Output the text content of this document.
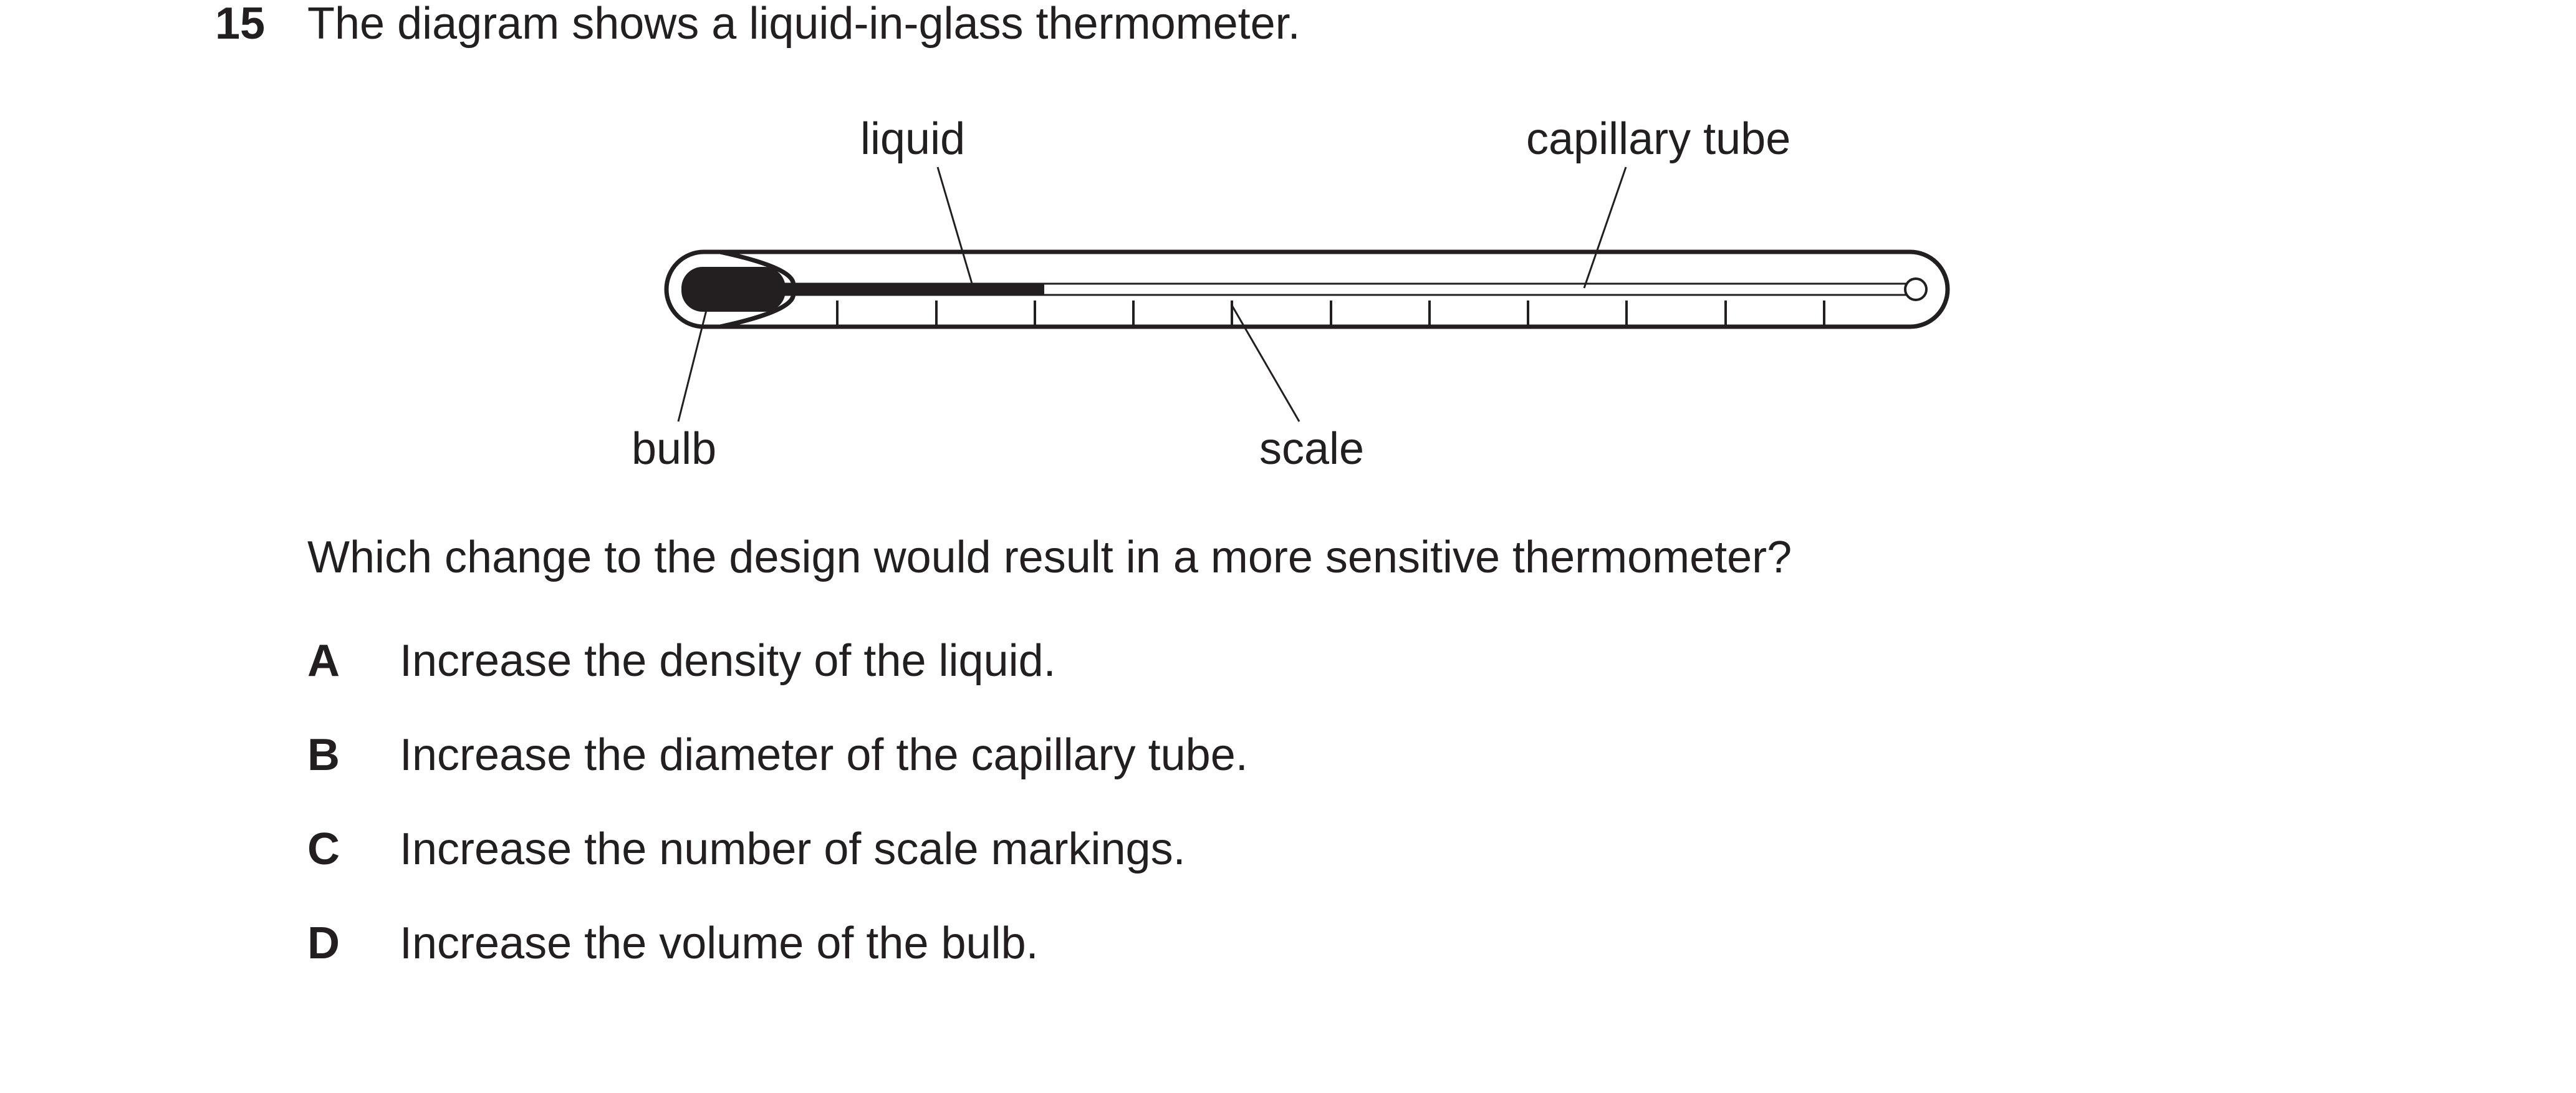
15 The diagram shows a liquid-in-glass thermometer.
liquid	capillary tube
bulb	scale
Which change to the design would result in a more sensitive thermometer?
A Increase the density of the liquid.
B Increase the diameter of the capillary tube.
C Increase the number of scale markings.
D Increase the volume of the bulb.
